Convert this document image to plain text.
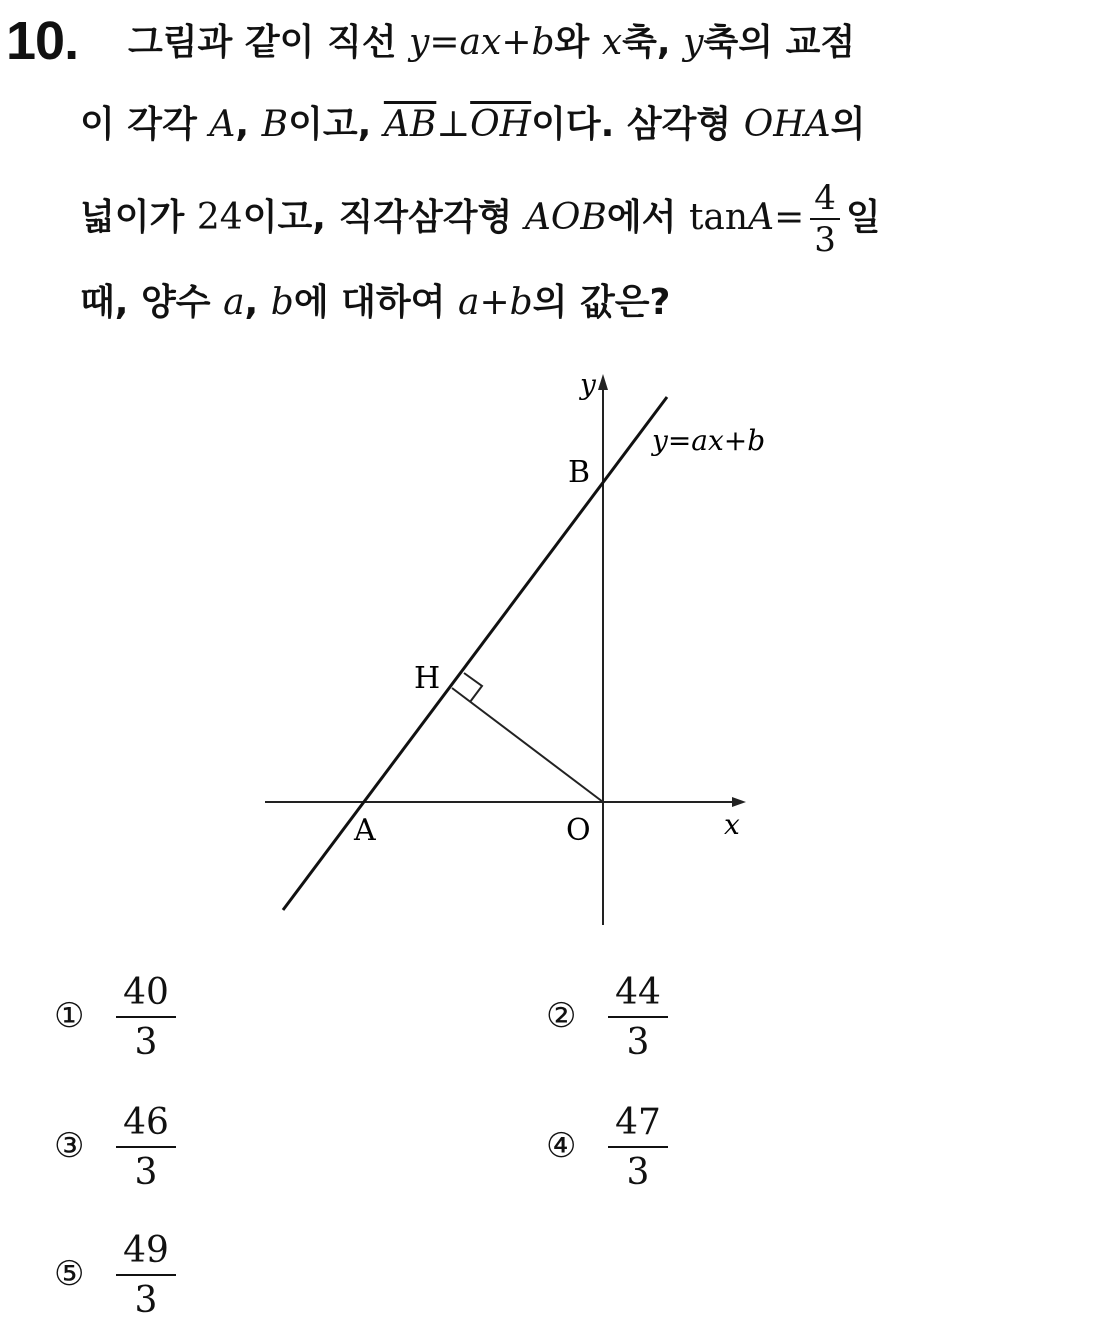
10. 그림과 같이 직선 y=ax+b와 x축, y축의 교점
이 각각 A, B이고, $\overline{AB}\perp\overline{OH}$이다. 삼각형 OHA의
넓이가 24이고, 직각삼각형 AOB에서 $\tan A= \frac{4}{3}$ 일
때, 양수 a, b에 대하여 a+b의 값은?
y
x
y=ax+b
B
H
A	O
① $\frac{40}{3}$	② $\frac{44}{3}$
③ $\frac{46}{3}$	④ $\frac{47}{3}$
⑤ $\frac{49}{3}$
